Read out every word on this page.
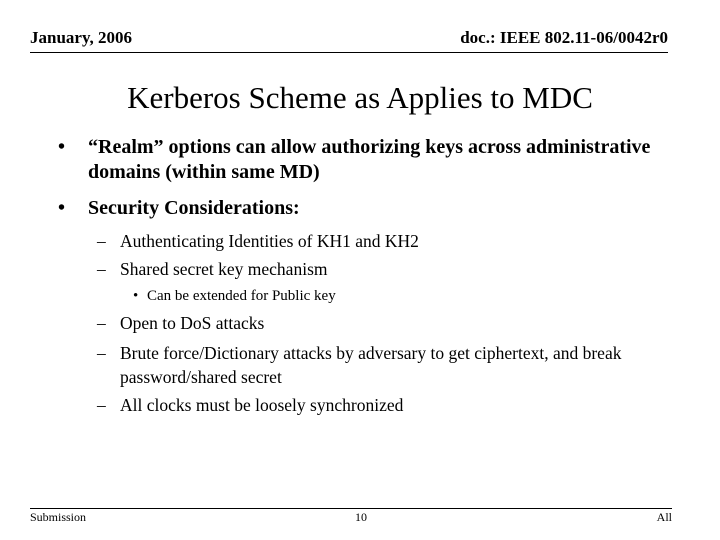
January, 2006	doc.: IEEE 802.11-06/0042r0
Kerberos Scheme as Applies to MDC
• “Realm” options can allow authorizing keys across administrative domains (within same MD)
• Security Considerations:
– Authenticating Identities of KH1 and KH2
– Shared secret key mechanism
• Can be extended for Public key
– Open to DoS attacks
– Brute force/Dictionary attacks by adversary to get ciphertext, and break password/shared secret
– All clocks must be loosely synchronized
Submission	10	All
